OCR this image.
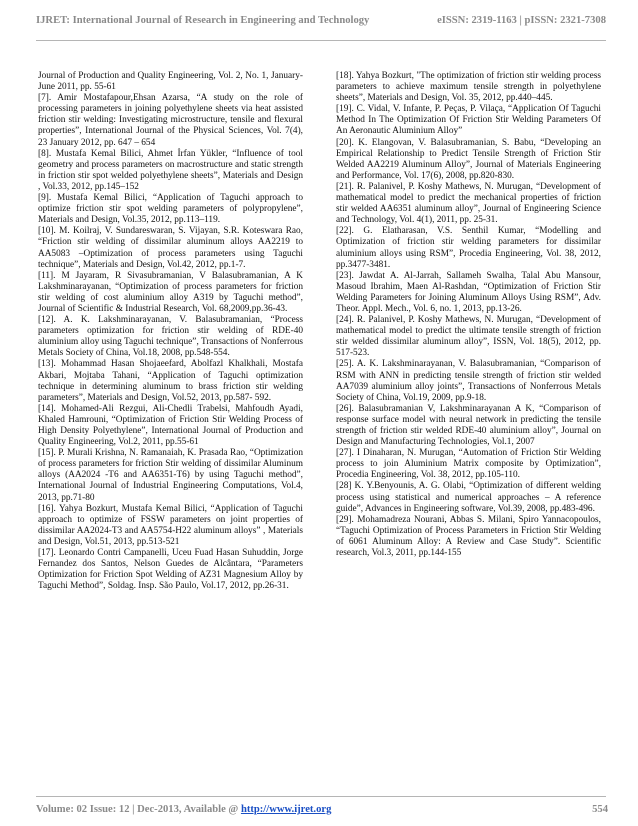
IJRET: International Journal of Research in Engineering and Technology	eISSN: 2319-1163 | pISSN: 2321-7308

Journal of Production and Quality Engineering, Vol. 2, No. 1, January- June 2011, pp. 55-61

[7]. Amir Mostafapour,Ehsan Azarsa, “A study on the role of processing parameters in joining polyethylene sheets via heat assisted friction stir welding: Investigating microstructure, tensile and flexural properties”, International Journal of the Physical Sciences, Vol. 7(4), 23 January 2012, pp. 647 – 654

[8]. Mustafa Kemal Bilici, Ahmet İrfan Yükler, “Influence of tool geometry and process parameters on macrostructure and static strength in friction stir spot welded polyethylene sheets”, Materials and Design , Vol.33, 2012, pp.145–152

[9]. Mustafa Kemal Bilici, “Application of Taguchi approach to optimize friction stir spot welding parameters of polypropylene”, Materials and Design, Vol.35, 2012, pp.113–119.

[10]. M. Koilraj, V. Sundareswaran, S. Vijayan, S.R. Koteswara Rao, “Friction stir welding of dissimilar aluminum alloys AA2219 to AA5083 –Optimization of process parameters using Taguchi technique”, Materials and Design, Vol.42, 2012, pp.1-7.

[11]. M Jayaram, R Sivasubramanian, V Balasubramanian, A K Lakshminarayanan, “Optimization of process parameters for friction stir welding of cost aluminium alloy A319 by Taguchi method”, Journal of Scientific & Industrial Research, Vol. 68,2009,pp.36-43.

[12]. A. K. Lakshminarayanan, V. Balasubramanian, “Process parameters optimization for friction stir welding of RDE-40 aluminium alloy using Taguchi technique”, Transactions of Nonferrous Metals Society of China, Vol.18, 2008, pp.548-554.

[13]. Mohammad Hasan Shojaeefard, Abolfazl Khalkhali, Mostafa Akbari, Mojtaba Tahani, “Application of Taguchi optimization technique in determining aluminum to brass friction stir welding parameters”, Materials and Design, Vol.52, 2013, pp.587- 592.

[14]. Mohamed-Ali Rezgui, Ali-Chedli Trabelsi, Mahfoudh Ayadi, Khaled Hamrouni, “Optimization of Friction Stir Welding Process of High Density Polyethylene”, International Journal of Production and Quality Engineering, Vol.2, 2011, pp.55-61

[15]. P. Murali Krishna, N. Ramanaiah, K. Prasada Rao, “Optimization of process parameters for friction Stir welding of dissimilar Aluminum alloys (AA2024 -T6 and AA6351-T6) by using Taguchi method”, International Journal of Industrial Engineering Computations, Vol.4, 2013, pp.71-80

[16]. Yahya Bozkurt, Mustafa Kemal Bilici, “Application of Taguchi approach to optimize of FSSW parameters on joint properties of dissimilar AA2024-T3 and AA5754-H22 aluminum alloys” , Materials and Design, Vol.51, 2013, pp.513-521

[17]. Leonardo Contri Campanelli, Uceu Fuad Hasan Suhuddin, Jorge Fernandez dos Santos, Nelson Guedes de Alcântara, “Parameters Optimization for Friction Spot Welding of AZ31 Magnesium Alloy by Taguchi Method”, Soldag. Insp. São Paulo, Vol.17, 2012, pp.26-31.

[18]. Yahya Bozkurt, "The optimization of friction stir welding process parameters to achieve maximum tensile strength in polyethylene sheets”, Materials and Design, Vol. 35, 2012, pp.440–445.

[19]. C. Vidal, V. Infante, P. Peças, P. Vilaça, “Application Of Taguchi Method In The Optimization Of Friction Stir Welding Parameters Of An Aeronautic Aluminium Alloy”

[20]. K. Elangovan, V. Balasubramanian, S. Babu, “Developing an Empirical Relationship to Predict Tensile Strength of Friction Stir Welded AA2219 Aluminum Alloy”, Journal of Materials Engineering and Performance, Vol. 17(6), 2008, pp.820-830.

[21]. R. Palanivel, P. Koshy Mathews, N. Murugan, “Development of mathematical model to predict the mechanical properties of friction stir welded AA6351 aluminum alloy”, Journal of Engineering Science and Technology, Vol. 4(1), 2011, pp. 25-31.

[22]. G. Elatharasan, V.S. Senthil Kumar, “Modelling and Optimization of friction stir welding parameters for dissimilar aluminium alloys using RSM”, Procedia Engineering, Vol. 38, 2012, pp.3477-3481.

[23]. Jawdat A. Al-Jarrah, Sallameh Swalha, Talal Abu Mansour, Masoud Ibrahim, Maen Al-Rashdan, “Optimization of Friction Stir Welding Parameters for Joining Aluminum Alloys Using RSM”, Adv. Theor. Appl. Mech., Vol. 6, no. 1, 2013, pp.13-26.

[24]. R. Palanivel, P. Koshy Mathews, N. Murugan, “Development of mathematical model to predict the ultimate tensile strength of friction stir welded dissimilar aluminum alloy”, ISSN, Vol. 18(5), 2012, pp. 517-523.

[25]. A. K. Lakshminarayanan, V. Balasubramanian, “Comparison of RSM with ANN in predicting tensile strength of friction stir welded AA7039 aluminium alloy joints”, Transactions of Nonferrous Metals Society of China, Vol.19, 2009, pp.9-18.

[26]. Balasubramanian V, Lakshminarayanan A K, “Comparison of response surface model with neural network in predicting the tensile strength of friction stir welded RDE-40 aluminium alloy”, Journal on Design and Manufacturing Technologies, Vol.1, 2007

[27]. I Dinaharan, N. Murugan, “Automation of Friction Stir Welding process to join Aluminium Matrix composite by Optimization”, Procedia Engineering, Vol. 38, 2012, pp.105-110.

[28] K. Y.Benyounis, A. G. Olabi, “Optimization of different welding process using statistical and numerical approaches – A reference guide”, Advances in Engineering software, Vol.39, 2008, pp.483-496.

[29]. Mohamadreza Nourani, Abbas S. Milani, Spiro Yannacopoulos, “Taguchi Optimization of Process Parameters in Friction Stir Welding of 6061 Aluminum Alloy: A Review and Case Study”. Scientific research, Vol.3, 2011, pp.144-155

Volume: 02 Issue: 12 | Dec-2013, Available @ http://www.ijret.org	554
